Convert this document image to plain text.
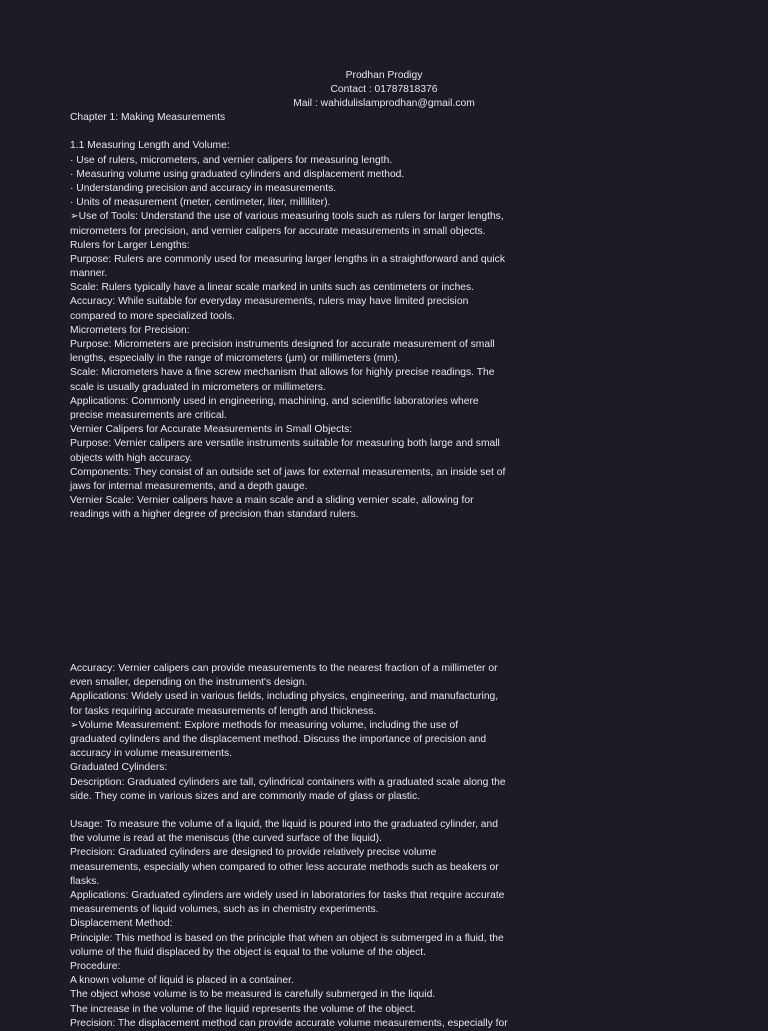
Prodhan Prodigy
Contact : 01787818376
Mail : wahidulislamprodhan@gmail.com
Chapter 1: Making Measurements
1.1 Measuring Length and Volume:
· Use of rulers, micrometers, and vernier calipers for measuring length.
· Measuring volume using graduated cylinders and displacement method.
· Understanding precision and accuracy in measurements.
· Units of measurement (meter, centimeter, liter, milliliter).
➢Use of Tools: Understand the use of various measuring tools such as rulers for larger lengths,
micrometers for precision, and vernier calipers for accurate measurements in small objects.
Rulers for Larger Lengths:
Purpose: Rulers are commonly used for measuring larger lengths in a straightforward and quick
manner.
Scale: Rulers typically have a linear scale marked in units such as centimeters or inches.
Accuracy: While suitable for everyday measurements, rulers may have limited precision
compared to more specialized tools.
Micrometers for Precision:
Purpose: Micrometers are precision instruments designed for accurate measurement of small
lengths, especially in the range of micrometers (µm) or millimeters (mm).
Scale: Micrometers have a fine screw mechanism that allows for highly precise readings. The
scale is usually graduated in micrometers or millimeters.
Applications: Commonly used in engineering, machining, and scientific laboratories where
precise measurements are critical.
Vernier Calipers for Accurate Measurements in Small Objects:
Purpose: Vernier calipers are versatile instruments suitable for measuring both large and small
objects with high accuracy.
Components: They consist of an outside set of jaws for external measurements, an inside set of
jaws for internal measurements, and a depth gauge.
Vernier Scale: Vernier calipers have a main scale and a sliding vernier scale, allowing for
readings with a higher degree of precision than standard rulers.
Accuracy: Vernier calipers can provide measurements to the nearest fraction of a millimeter or
even smaller, depending on the instrument's design.
Applications: Widely used in various fields, including physics, engineering, and manufacturing,
for tasks requiring accurate measurements of length and thickness.
➢Volume Measurement: Explore methods for measuring volume, including the use of
graduated cylinders and the displacement method. Discuss the importance of precision and
accuracy in volume measurements.
Graduated Cylinders:
Description: Graduated cylinders are tall, cylindrical containers with a graduated scale along the
side. They come in various sizes and are commonly made of glass or plastic.
Usage: To measure the volume of a liquid, the liquid is poured into the graduated cylinder, and
the volume is read at the meniscus (the curved surface of the liquid).
Precision: Graduated cylinders are designed to provide relatively precise volume
measurements, especially when compared to other less accurate methods such as beakers or
flasks.
Applications: Graduated cylinders are widely used in laboratories for tasks that require accurate
measurements of liquid volumes, such as in chemistry experiments.
Displacement Method:
Principle: This method is based on the principle that when an object is submerged in a fluid, the
volume of the fluid displaced by the object is equal to the volume of the object.
Procedure:
A known volume of liquid is placed in a container.
The object whose volume is to be measured is carefully submerged in the liquid.
The increase in the volume of the liquid represents the volume of the object.
Precision: The displacement method can provide accurate volume measurements, especially for
